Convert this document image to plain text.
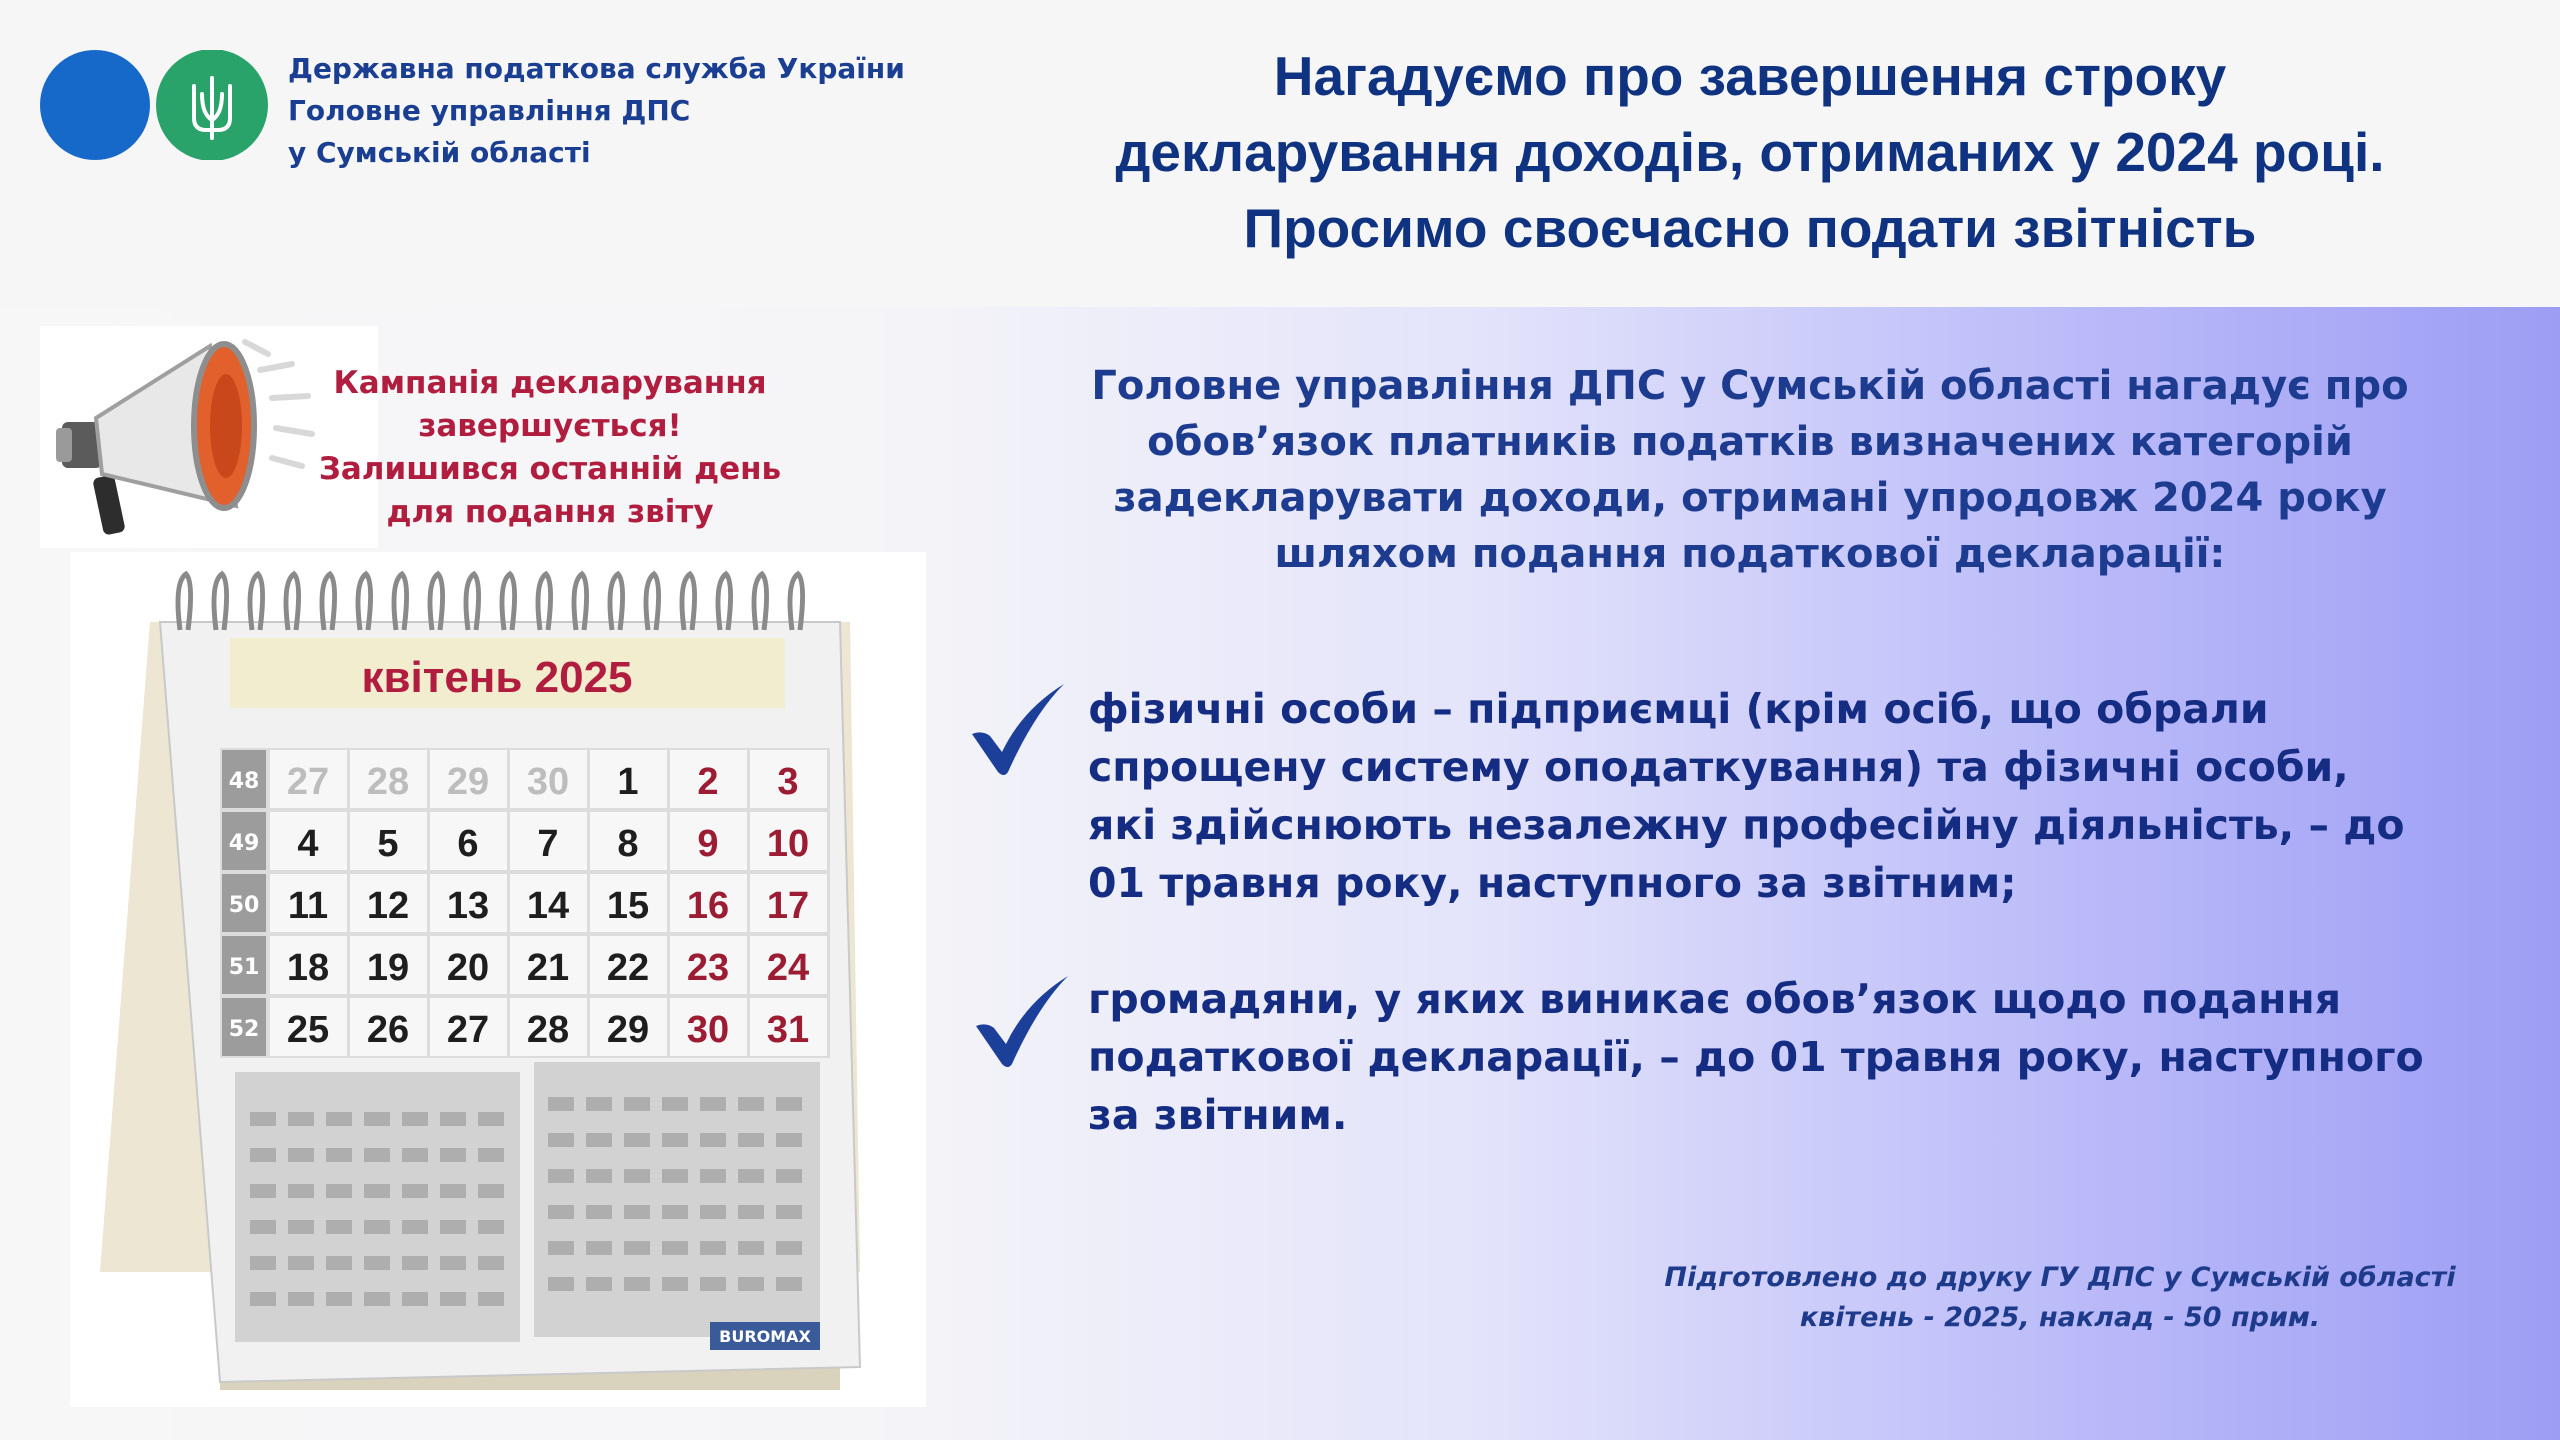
Державна податкова служба України
Головне управління ДПС
у Сумській області
Нагадуємо про завершення строку
декларування доходів, отриманих у 2024 році.
Просимо своєчасно подати звітність
Кампанія декларування
завершується!
Залишився останній день
для подання звіту
квітень 2025
48
49
50
51
52
27 28 29 30 1 2 3
4 5 6 7 8 9 10
11 12 13 14 15 16 17
18 19 20 21 22 23 24
25 26 27 28 29 30 31
BUROMAX
Головне управління ДПС у Сумській області нагадує про
обов’язок платників податків визначених категорій
задекларувати доходи, отримані упродовж 2024 року
шляхом подання податкової декларації:
фізичні особи – підприємці (крім осіб, що обрали
спрощену систему оподаткування) та фізичні особи,
які здійснюють незалежну професійну діяльність, – до
01 травня року, наступного за звітним;
громадяни, у яких виникає обов’язок щодо подання
податкової декларації, – до 01 травня року, наступного
за звітним.
Підготовлено до друку ГУ ДПС у Сумській області
квітень - 2025, наклад - 50 прим.
